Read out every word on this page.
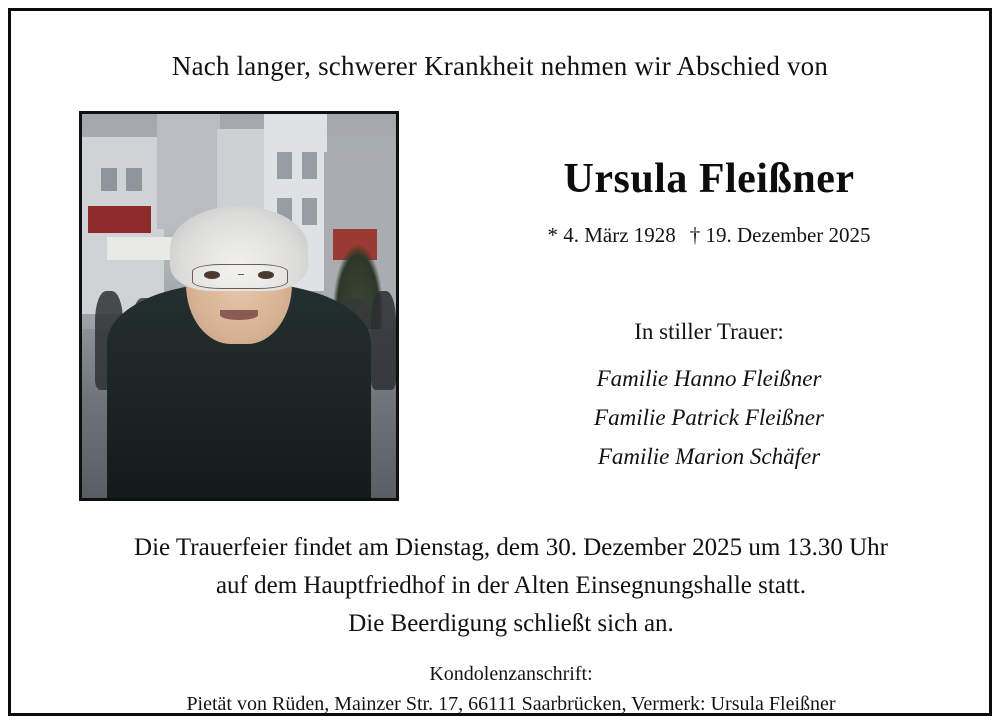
Nach langer, schwerer Krankheit nehmen wir Abschied von
Ursula Fleißner
* 4. März 1928 † 19. Dezember 2025
In stiller Trauer:
Familie Hanno Fleißner
Familie Patrick Fleißner
Familie Marion Schäfer
Die Trauerfeier findet am Dienstag, dem 30. Dezember 2025 um 13.30 Uhr
auf dem Hauptfriedhof in der Alten Einsegnungshalle statt.
Die Beerdigung schließt sich an.
Kondolenzanschrift:
Pietät von Rüden, Mainzer Str. 17, 66111 Saarbrücken, Vermerk: Ursula Fleißner
